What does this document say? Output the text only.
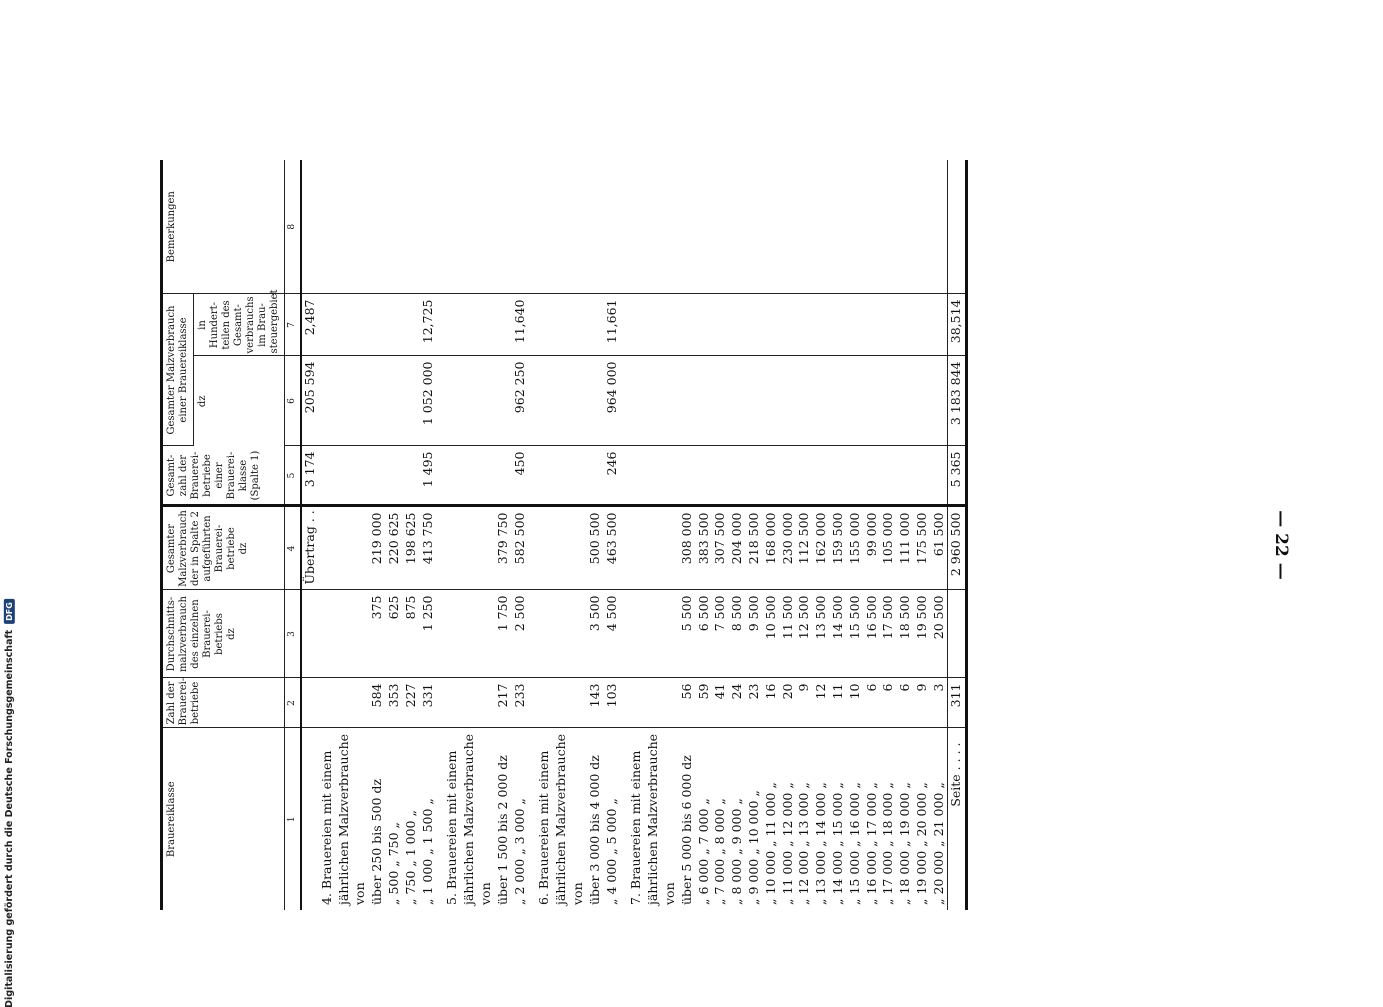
— 22 —
Brauereiklasse	Zahl der Brauereibetriebe	Durchschnittsmalzverbrauch des einzelnen Brauereibetriebs
dz	Gesamter Malzverbrauch der in Spalte 2 aufgeführten Brauereibetriebe
dz	Gesamtzahl der Brauereibetriebe einer Brauereiklasse (Spalte 1)	Gesamter Malzverbrauch einer Brauereiklasse		Bemerkungen
					dz	in Hundertteilen des Gesamtverbrauchs im Brausteuergebiet	
1	2	3	4	5	6	7	8
			Übertrag . .	3 174	205 594	2,487	
4. Brauereien mit einem							
jährlichen Malzverbrauche							
von							
über 250 bis 500 dz	584	375	219 000				
„ 500 „ 750 „	353	625	220 625				
„ 750 „ 1 000 „	227	875	198 625				
„ 1 000 „ 1 500 „	331	1 250	413 750	1 495	1 052 000	12,725	

5. Brauereien mit einem							
jährlichen Malzverbrauche							
von							
über 1 500 bis 2 000 dz	217	1 750	379 750				
„ 2 000 „ 3 000 „	233	2 500	582 500	450	962 250	11,640	

6. Brauereien mit einem							
jährlichen Malzverbrauche							
von							
über 3 000 bis 4 000 dz	143	3 500	500 500				
„ 4 000 „ 5 000 „	103	4 500	463 500	246	964 000	11,661	

7. Brauereien mit einem							
jährlichen Malzverbrauche							
von							
über 5 000 bis 6 000 dz	56	5 500	308 000				
„ 6 000 „ 7 000 „	59	6 500	383 500				
„ 7 000 „ 8 000 „	41	7 500	307 500				
„ 8 000 „ 9 000 „	24	8 500	204 000				
„ 9 000 „ 10 000 „	23	9 500	218 500				
„ 10 000 „ 11 000 „	16	10 500	168 000				
„ 11 000 „ 12 000 „	20	11 500	230 000				
„ 12 000 „ 13 000 „	9	12 500	112 500				
„ 13 000 „ 14 000 „	12	13 500	162 000				
„ 14 000 „ 15 000 „	11	14 500	159 500				
„ 15 000 „ 16 000 „	10	15 500	155 000				
„ 16 000 „ 17 000 „	6	16 500	99 000				
„ 17 000 „ 18 000 „	6	17 500	105 000				
„ 18 000 „ 19 000 „	6	18 500	111 000				
„ 19 000 „ 20 000 „	9	19 500	175 500				
„ 20 000 „ 21 000 „	3	20 500	61 500				
Seite . . . .	311		2 960 500	5 365	3 183 844	38,514	
Digitalisierung gefördert durch die Deutsche Forschungsgemeinschaft
DFG
